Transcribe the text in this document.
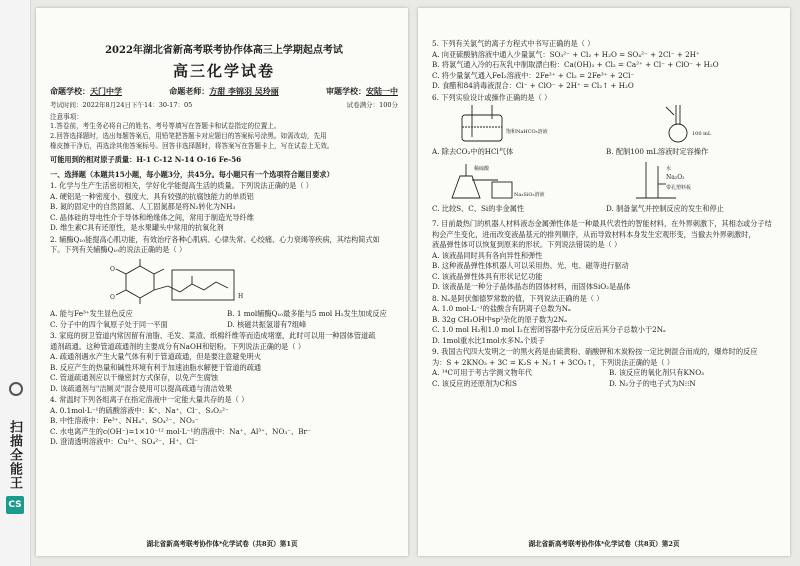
扫描全能王
CS
2022年湖北省新高考联考协作体高三上学期起点考试
高三化学试卷
命题学校：天门中学	命题老师：方甜 李锦羽 吴玲丽	审题学校：安陆一中
考试时间：2022年8月24日下午14：30-17：05	试卷满分：100分
注意事项：
1.答卷前，考生务必将自己的姓名、考号等填写在答题卡和试卷指定的位置上。
2.回答选择题时，选出每题答案后，用铅笔把答题卡对应题目的答案标号涂黑。如需改动，先用
橡皮擦干净后，再选涂其他答案标号。回答非选择题时，将答案写在答题卡上，写在试卷上无效。
可能用到的相对原子质量：H-1 C-12 N-14 O-16 Fe-56
一、选择题（本题共15小题，每小题3分，共45分。每小题只有一个选项符合题目要求）
1. 化学与生产生活密切相关，学好化学能提高生活的质量。下列说法正确的是（ ）
A. 硬铝是一种密度小、强度大、具有较强的抗腐蚀能力的单质铝
B. 氮的固定中的自然固氮、人工固氮都是将N₂转化为NH₃
C. 晶体硅的导电性介于导体和绝缘体之间，常用于制造光导纤维
D. 维生素C具有还原性，是水果罐头中常用的抗氧化剂
2. 辅酶Q₁₀能提高心肌功能，有效治疗各种心肌病、心律失常、心绞痛、心力衰竭等疾病，其结构简式如
下。下列有关辅酶Q₁₀的说法正确的是（ ）
O
O	H
A. 能与Fe³⁺发生显色反应	B. 1 mol辅酶Q₁₀最多能与5 mol H₂发生加成反应
C. 分子中的四个氧原子处于同一平面	D. 核磁共振氢谱有7组峰
3. 家庭的厨卫管道内常因留有油脂、毛发、菜渣、纸棉纤维等而造成堵塞，此时可以用一种固体管道疏
通剂疏通。这种管道疏通剂的主要成分有NaOH和铝粉。下列说法正确的是（ ）
A. 疏通剂遇水产生大量气体有利于管道疏通，但是要注意避免明火
B. 反应产生的热量和碱性环境有利于加速油脂水解便于管道的疏通
C. 管道疏通剂应以干燥密封方式保存，以免产生腐蚀
D. 该疏通剂与"洁厕灵"混合使用可以提高疏通与清洁效果
4. 常温时下列各组离子在指定溶液中一定能大量共存的是（ ）
A. 0.1mol·L⁻¹的硫酸溶液中：K⁺、Na⁺、Cl⁻、S₂O₃²⁻
B. 中性溶液中：Fe³⁺、NH₄⁺、SO₄²⁻、NO₃⁻
C. 水电离产生的c(OH⁻)=1×10⁻¹² mol·L⁻¹的溶液中：Na⁺、Al³⁺、NO₃⁻、Br⁻
D. 澄清透明溶液中：Cu²⁺、SO₄²⁻、H⁺、Cl⁻
湖北省新高考联考协作体*化学试卷（共8页）第1页
5. 下列有关氯气的离子方程式中书写正确的是（ ）
A. 向亚硫酸钠溶液中通入少量氯气：SO₃²⁻ + Cl₂ + H₂O = SO₄²⁻ + 2Cl⁻ + 2H⁺
B. 将氯气通入冷的石灰乳中制取漂白粉：Ca(OH)₂ + Cl₂ = Ca²⁺ + Cl⁻ + ClO⁻ + H₂O
C. 将少量氯气通入FeI₂溶液中：2Fe²⁺ + Cl₂ = 2Fe³⁺ + 2Cl⁻
D. 食醋和84消毒液混合：Cl⁻ + ClO⁻ + 2H⁺ = Cl₂↑ + H₂O
6. 下列实验设计或操作正确的是（ ）
饱和NaHCO₃溶液
A. 除去CO₂中的HCl气体
100 mL
B. 配制100 mL溶液时定容操作
稀硫酸
Na₂SiO₃溶液
C. 比较S、C、Si的非金属性
水
Na₂O₂
带孔塑料板
D. 制备氯气并控制反应的发生和停止
7. 目前最热门的机器人材料液态金属弹性体是一种最具代表性的智能材料，在外界刺激下，其相态或分子结
构会产生变化，进而改变液晶基元的排列顺序，从而导致材料本身发生宏观形变，当撤去外界刺激时，
液晶弹性体可以恢复到原来的形状。下列说法错误的是（ ）
A. 该液晶同时具有各向异性和弹性
B. 这种液晶弹性体机器人可以采用热、光、电、磁等进行驱动
C. 该液晶弹性体具有形状记忆功能
D. 该液晶是一种分子晶体晶态的固体材料，而固体SiO₂是晶体
8. Nₐ是阿伏伽德罗常数的值，下列说法正确的是（ ）
A. 1.0 mol·L⁻¹的盐酸含有阴离子总数为Nₐ
B. 32g CH₃OH中sp³杂化的原子数为2Nₐ
C. 1.0 mol H₂和1.0 mol I₂在密闭容器中充分反应后其分子总数小于2Nₐ
D. 1mol重水比1mol水多Nₐ个质子
9. 我国古代四大发明之一的黑火药是由硫黄粉、硝酸钾和木炭粉按一定比例混合而成的，爆炸时的反应
为：S + 2KNO₃ + 3C = K₂S + N₂↑ + 3CO₂↑，下列说法正确的是（ ）
A. ¹⁴C可用于考古学测文物年代	B. 该反应的氧化剂只有KNO₃
C. 该反应的还原剂为C和S	D. N₂分子的电子式为N⁝⁝N
湖北省新高考联考协作体*化学试卷（共8页）第2页
